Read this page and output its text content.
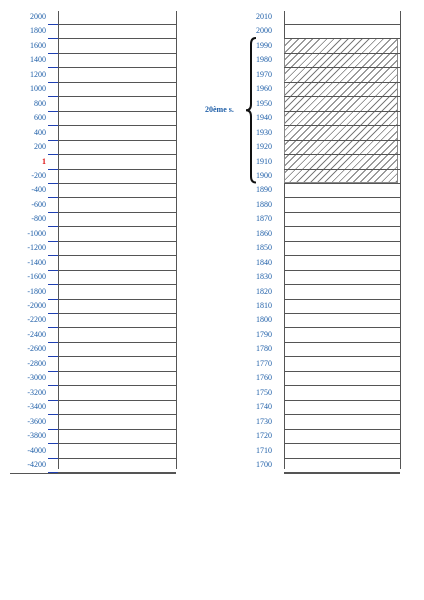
2000
1800
1600
1400
1200
1000
800
600
400
200
1
-200
-400
-600
-800
-1000
-1200
-1400
-1600
-1800
-2000
-2200
-2400
-2600
-2800
-3000
-3200
-3400
-3600
-3800
-4000
-4200
2010
2000
1990
1980
1970
1960
1950
1940
1930
1920
1910
1900
1890
1880
1870
1860
1850
1840
1830
1820
1810
1800
1790
1780
1770
1760
1750
1740
1730
1720
1710
1700
20ème s.
